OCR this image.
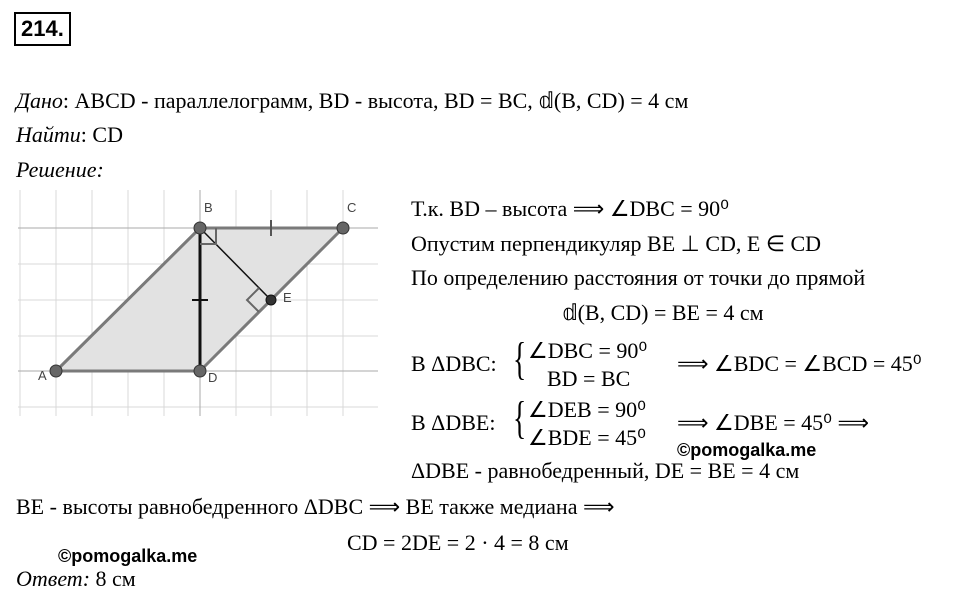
214.
Дано: ABCD - параллелограмм, BD - высота, BD = BC, 𝕕(B, CD) = 4 см
Найти: CD
Решение:
A
B	C
D
E
Т.к. BD – высота ⟹ ∠DBC = 90⁰
Опустим перпендикуляр BE ⊥ CD, E ∈ CD
По определению расстояния от точки до прямой
𝕕(B, CD) = BE = 4 см
В ΔDBC: { ∠DBC = 90⁰
BD = BC
⟹ ∠BDC = ∠BCD = 45⁰
В ΔDBE: { ∠DEB = 90⁰
∠BDE = 45⁰
⟹ ∠DBE = 45⁰ ⟹
©pomogalka.me
ΔDBE - равнобедренный, DE = BE = 4 см
BE - высоты равнобедренного ΔDBC ⟹ BE также медиана ⟹
©pomogalka.me
CD = 2DE = 2 · 4 = 8 см
Ответ: 8 см
